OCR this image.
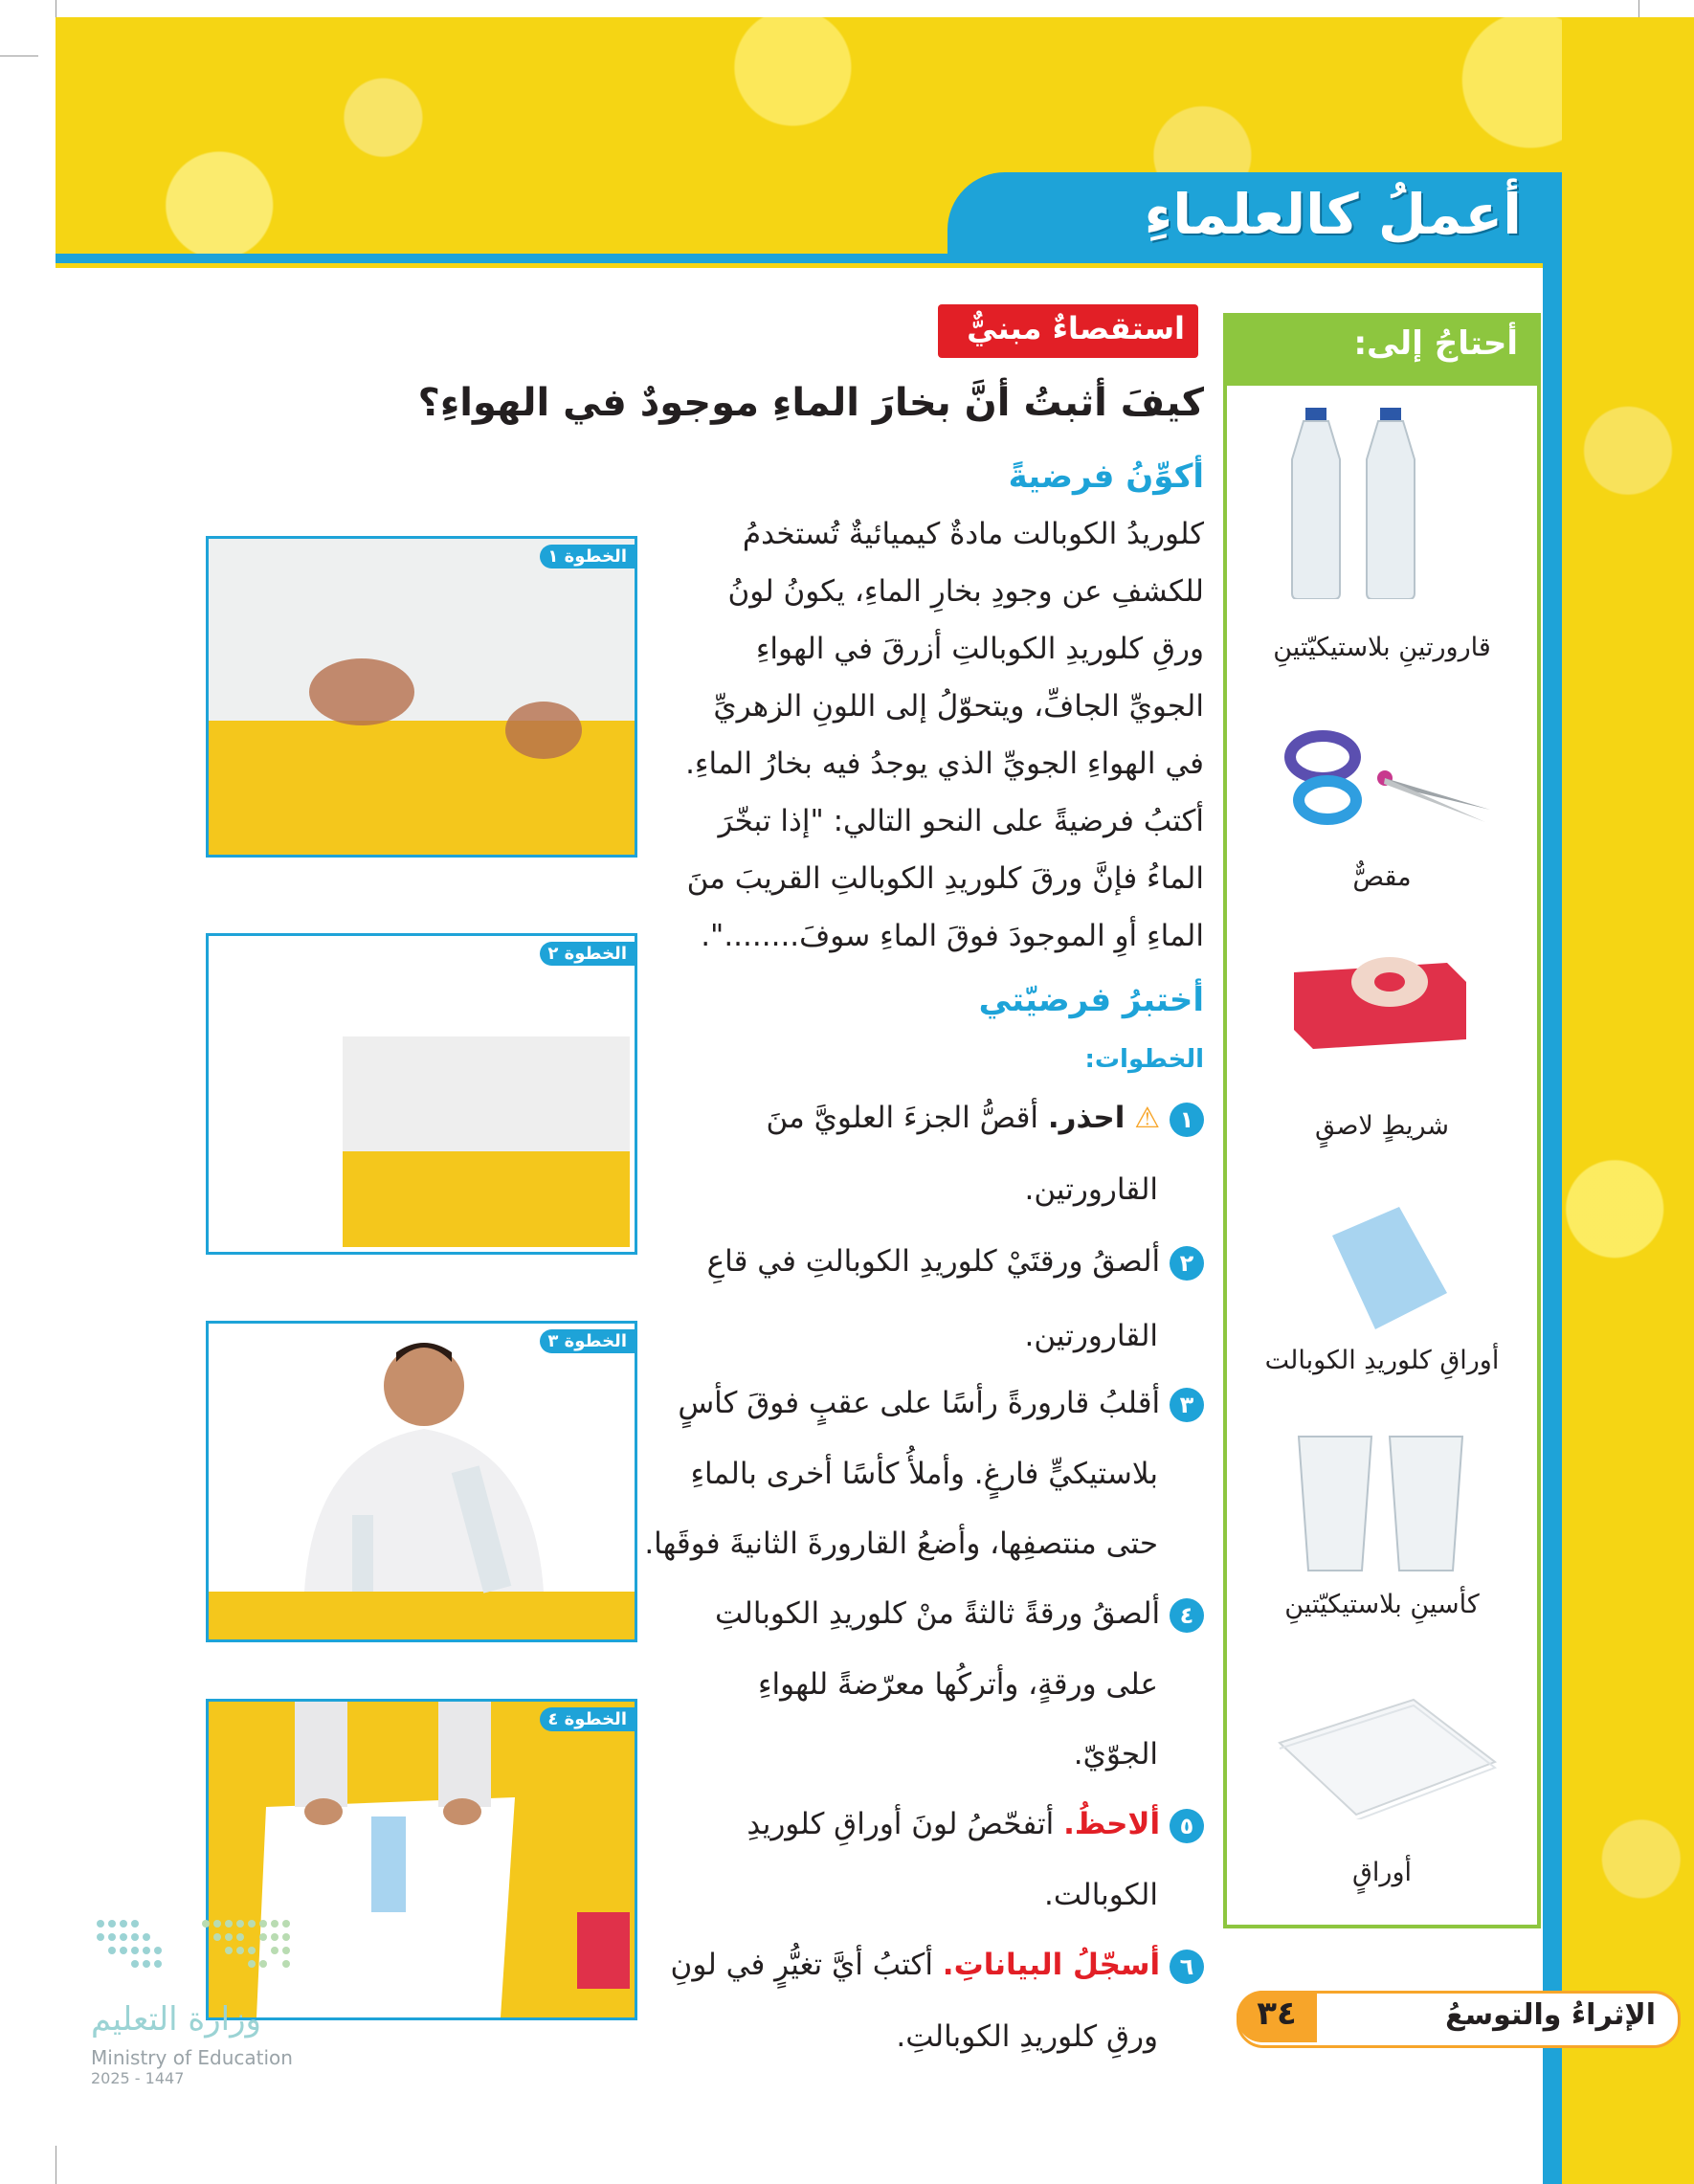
أعملُ كالعلماءِ
أحتاجُ إلى:
قارورتينِ بلاستيكيّتينِ
مقصٌّ
شريطٍ لاصقٍ
أوراقِ كلوريدِ الكوبالت
كأسينِ بلاستيكيّتينِ
أوراقٍ
استقصاءٌ مبنيٌّ
كيفَ أثبتُ أنَّ بخارَ الماءِ موجودٌ في الهواءِ؟
أكوِّنُ فرضيةً
كلوريدُ الكوبالت مادةٌ كيميائيةٌ تُستخدمُ
للكشفِ عن وجودِ بخارِ الماءِ، يكونُ لونُ
ورقِ كلوريدِ الكوبالتِ أزرقَ في الهواءِ
الجويِّ الجافِّ، ويتحوّلُ إلى اللونِ الزهريِّ
في الهواءِ الجويِّ الذي يوجدُ فيه بخارُ الماءِ.
أكتبُ فرضيةً على النحو التالي: "إذا تبخّرَ
الماءُ فإنَّ ورقَ كلوريدِ الكوبالتِ القريبَ منَ
الماءِ أوِ الموجودَ فوقَ الماءِ سوفَ........".
أختبرُ فرضيّتي
الخطوات:
١ ⚠ احذر. أقصُّ الجزءَ العلويَّ منَ
القارورتين.
٢ ألصقُ ورقتَيْ كلوريدِ الكوبالتِ في قاعِ
القارورتين.
٣ أقلبُ قارورةً رأسًا على عقبٍ فوقَ كأسٍ
بلاستيكيٍّ فارغٍ. وأملأُ كأسًا أخرى بالماءِ
حتى منتصفِها، وأضعُ القارورةَ الثانيةَ فوقَها.
٤ ألصقُ ورقةً ثالثةً منْ كلوريدِ الكوبالتِ
على ورقةٍ، وأتركُها معرّضةً للهواءِ
الجوّيّ.
٥ ألاحظُ. أتفحّصُ لونَ أوراقِ كلوريدِ
الكوبالت.
٦ أسجّلُ البياناتِ. أكتبُ أيَّ تغيُّرٍ في لونِ
ورقِ كلوريدِ الكوبالتِ.
الخطوة ١
الخطوة ٢
الخطوة ٣
الخطوة ٤
وزارة التعليم
Ministry of Education
2025 - 1447
٣٤	الإثراءُ والتوسعُ
